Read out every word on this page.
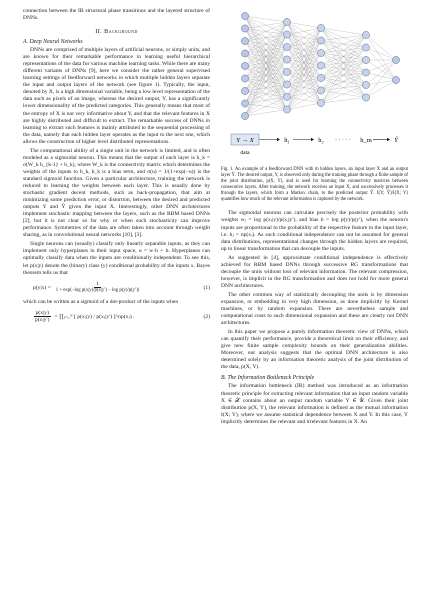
connection between the IB structural phase transitions and the layered structure of DNNs.

II. Background
A. Deep Neural Networks

DNNs are comprised of multiple layers of artificial neurons, or simply units, and are known for their remarkable performance in learning useful hierarchical representations of the data for various machine learning tasks. While there are many different variants of DNNs [9], here we consider the rather general supervised learning settings of feedforward networks in which multiple hidden layers separate the input and output layers of the network (see figure 1). Typically, the input, denoted by X, is a high dimensional variable, being a low level representation of the data such as pixels of an image, whereas the desired output, Y, has a significantly lower dimensionality of the predicted categories. This generally means that most of the entropy of X is not very informative about Y, and that the relevant features in X are highly distributed and difficult to extract. The remarkable success of DNNs in learning to extract such features is mainly attributed to the sequential processing of the data, namely that each hidden layer operates as the input to the next one, which allows the construction of higher level distributed representations.

The computational ability of a single unit in the network is limited, and is often modeled as a sigmoidal neuron. This means that the output of each layer is h_k = σ(W_k h_{k-1} + b_k), where W_k is the connectivity matrix which determines the weights of the inputs to h_k, b_k is a bias term, and σ(u) = 1/(1+exp(−u)) is the standard sigmoid function. Given a particular architecture, training the network is reduced to learning the weights between each layer. This is usually done by stochastic gradient decent methods, such as back-propagation, that aim at minimizing some prediction error, or distortion, between the desired and predicted outputs Y and Ŷ given the input X. Interestingly, other DNN architectures implement stochastic mapping between the layers, such as the RBM based DNNs [2], but it is not clear so far why or when such stochasticity can improve performance. Symmetries of the data are often taken into account through weight sharing, as in convolutional neural networks [10], [3].

Single neurons can (usually) classify only linearly separable inputs, as they can implement only hyperplanes in their input space, u = w·h + b. Hyperplanes can optimally classify data when the inputs are conditionally independent. To see this, let p(x|y) denote the (binary) class (y) conditional probability of the inputs x. Bayes theorem tells us that

$p(y|x) = \frac{1}{\text{1 + exp(−log p(x|y)/p(x|y′) − log p(y)/p(y′))}}$	(1)

which can be written as a sigmoid of a dot-product of the inputs when

$\frac{p(x|y)}{p(x|y')}$ = ∏ⱼ₌₁ᴺ [ p(xⱼ|y) / p(xⱼ|y′) ]^np(xⱼ) .	(2)
Y → X
data
h₁	h₂ · · · · · h_m	Ŷ

Fig. 1. An example of a feedforward DNN with m hidden layers, an input layer X and an output layer Ŷ. The desired output, Y, is observed only during the training phase through a finite sample of the joint distribution, p(X, Y), and is used for learning the connectivity matrices between consecutive layers. After training, the network receives an input X, and successively processes it through the layers, which form a Markov chain, to the predicted output Ŷ. I(Y; Ŷ)/I(X; Y) quantifies how much of the relevant information is captured by the network.

The sigmoidal neurons can calculate precisely the posterior probability with weights wⱼ = log p(xⱼ|y)/p(xⱼ|y′), and bias b = log p(y)/p(y′), when the neuron's inputs are proportional to the probability of the respective feature in the input layer, i.e. hⱼ = np(xⱼ). As such conditional independence can not be assumed for general data distributions, representational changes through the hidden layers are required, up to linear transformation that can decouple the inputs.

As suggested in [4], approximate conditional independence is effectively achieved for RBM based DNNs through successive RG transformations that decouple the units without loss of relevant information. The relevant compression, however, is implicit in the RG transformation and does not hold for more general DNN architectures.

The other common way of statistically decoupling the units is by dimension expansion, or embedding in very high dimension, as done implicitly by Kernel machines, or by random expansion. There are nevertheless sample and computational costs to such dimensional expansion and these are clearly not DNN architectures.

In this paper we propose a purely information theoretic view of DNNs, which can quantify their performance, provide a theoretical limit on their efficiency, and give new finite sample complexity bounds on their generalization abilities. Moreover, our analysis suggests that the optimal DNN architecture is also determined solely by an information theoretic analysis of the joint distribution of the data, p(X, Y).

B. The Information Bottleneck Principle

The information bottleneck (IB) method was introduced as an information theoretic principle for extracting relevant information that an input random variable X ∈ 𝒳 contains about an output random variable Y ∈ 𝒴. Given their joint distribution p(X, Y), the relevant information is defined as the mutual information I(X; Y), where we assume statistical dependence between X and Y. In this case, Y implicitly determines the relevant and irrelevant features in X. An
